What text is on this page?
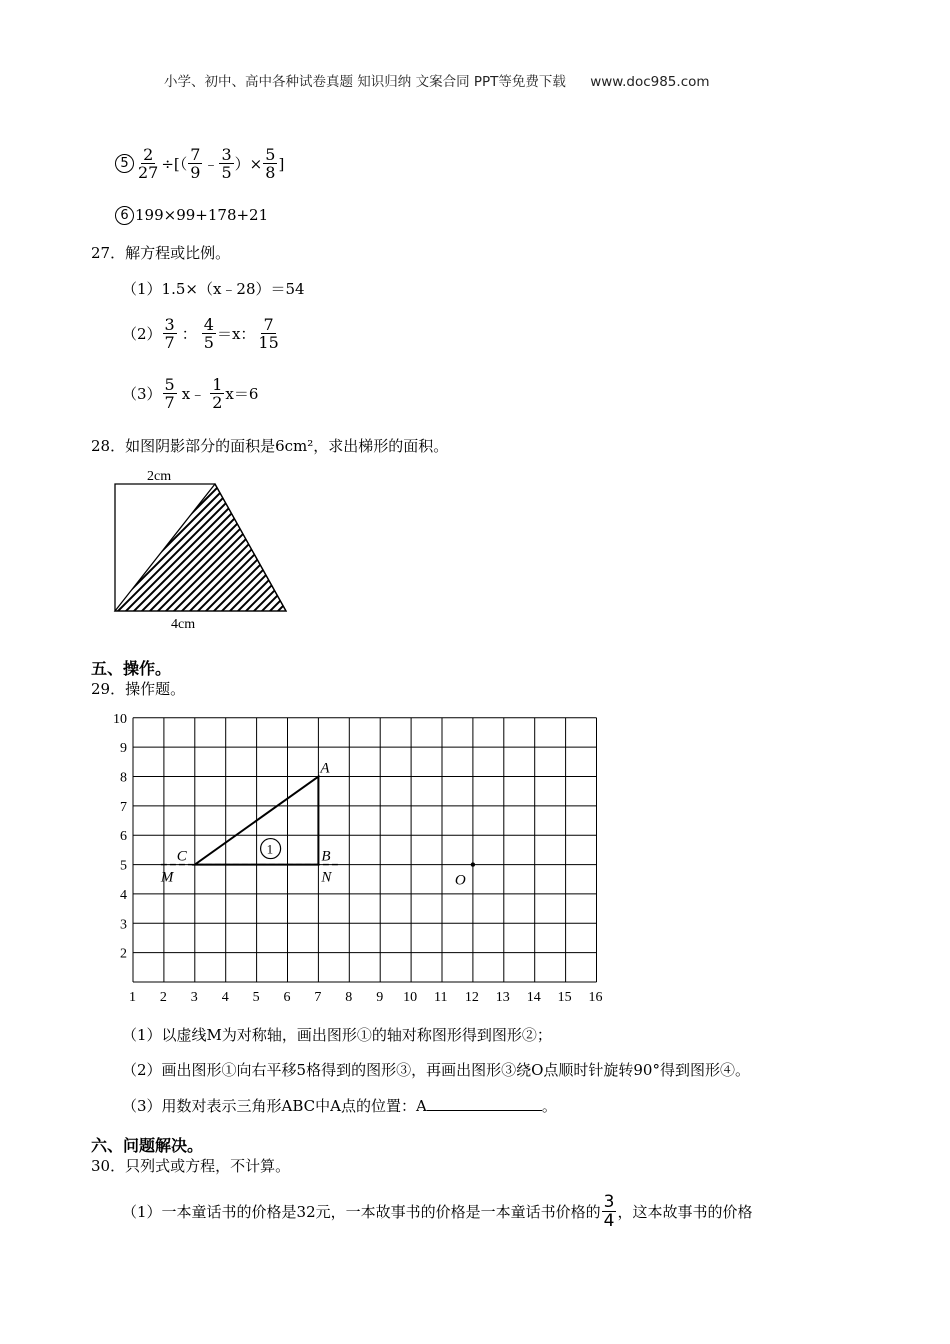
小学、初中、高中各种试卷真题 知识归纳 文案合同 PPT等免费下载 www.doc985.com
$5 \frac{2}{27}$ ÷[（ $\frac{7}{9}$ ﹣ $\frac{3}{5}$ ）× $\frac{5}{8}$ ]
6 199×99+178+21
27．解方程或比例。
（1）1.5×（x﹣28）＝54
$(2) \frac{3}{7}$ ： $\frac{4}{5} =x$： $\frac{7}{15}$
$(3) \frac{5}{7}$ x﹣ $\frac{1}{2} x=6$
28．如图阴影部分的面积是6cm²，求出梯形的面积。
2cm
4cm
五、操作。
29．操作题。
1 2 3 4 5 6 7 8 9 10 11 12 13 14 15 16
2
3
4
5
6
7
8
9
10
1
A
B
C
M	N	O
（1）以虚线M为对称轴，画出图形①的轴对称图形得到图形②；
（2）画出图形①向右平移5格得到的图形③，再画出图形③绕O点顺时针旋转90°得到图形④。
（3）用数对表示三角形ABC中A点的位置：A	。
六、问题解决。
30．只列式或方程，不计算。
（1）一本童话书的价格是32元，一本故事书的价格是一本童话书价格的 $\frac{3}{4}$ ，这本故事书的价格
